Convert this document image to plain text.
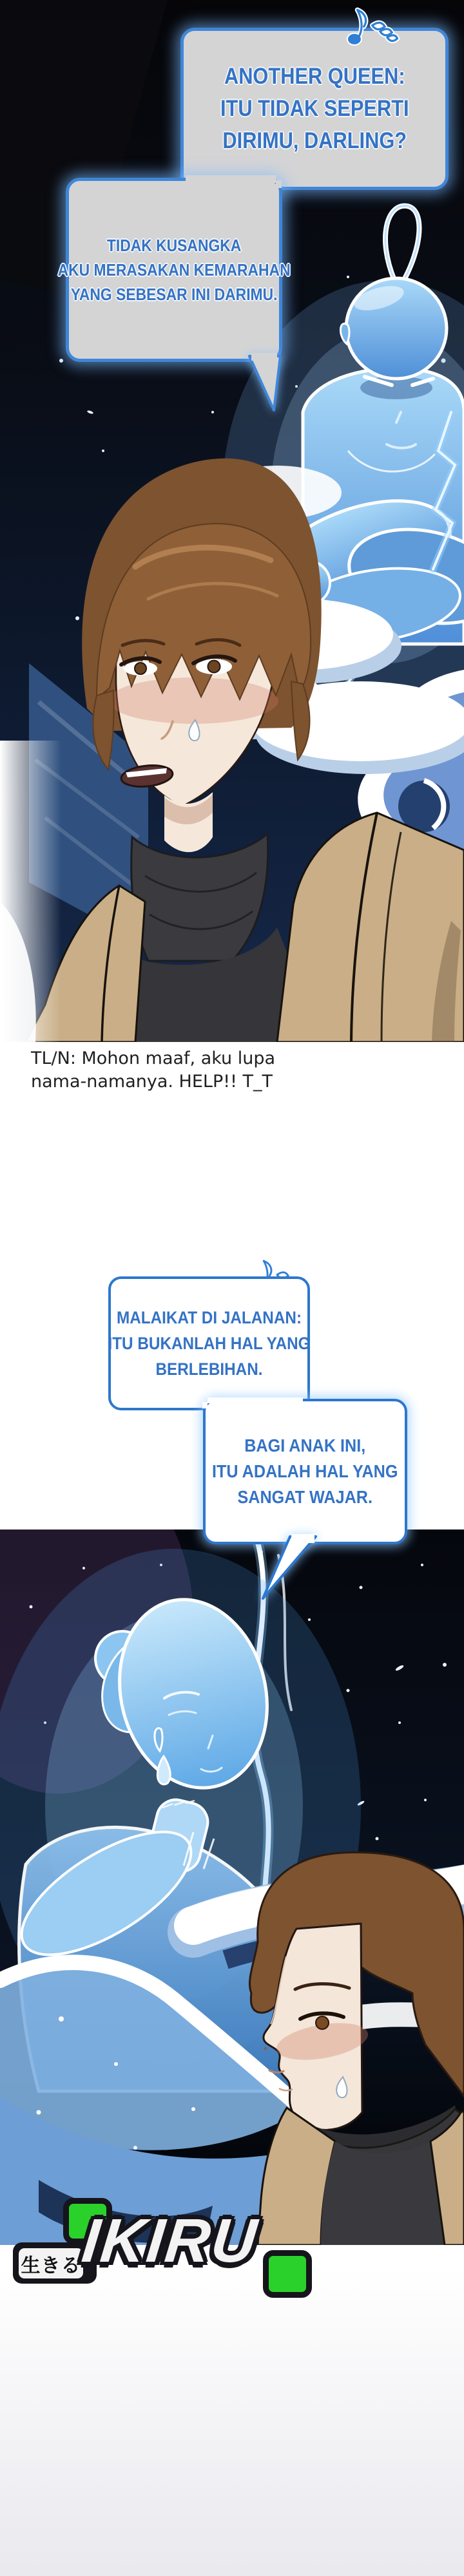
ANOTHER QUEEN:
ITU TIDAK SEPERTI
DIRIMU, DARLING?
TIDAK KUSANGKA
AKU MERASAKAN KEMARAHAN
YANG SEBESAR INI DARIMU.
TL/N: Mohon maaf, aku lupa
nama-namanya. HELP!! T_T
MALAIKAT DI JALANAN:
ITU BUKANLAH HAL YANG
BERLEBIHAN.
BAGI ANAK INI,
ITU ADALAH HAL YANG
SANGAT WAJAR.
生きる
IKIRU
